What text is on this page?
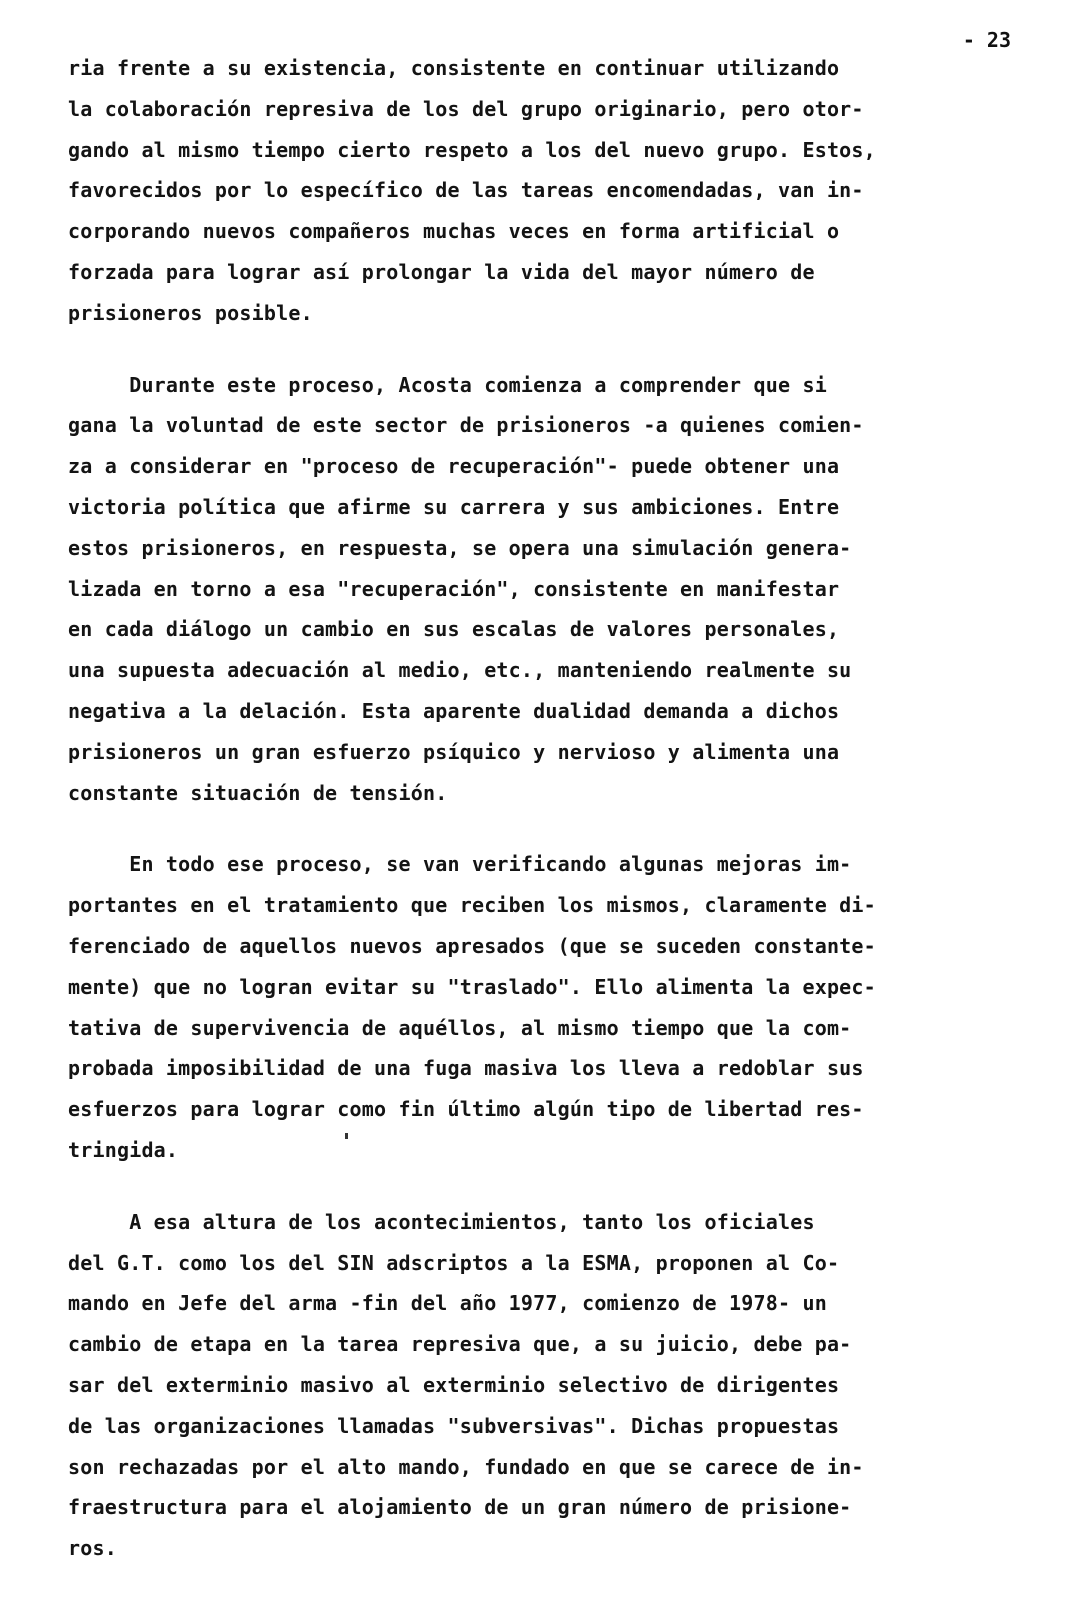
- 23
ria frente a su existencia, consistente en continuar utilizando
la colaboración represiva de los del grupo originario, pero otor-
gando al mismo tiempo cierto respeto a los del nuevo grupo. Estos,
favorecidos por lo específico de las tareas encomendadas, van in-
corporando nuevos compañeros muchas veces en forma artificial o
forzada para lograr así prolongar la vida del mayor número de
prisioneros posible.
Durante este proceso, Acosta comienza a comprender que si
gana la voluntad de este sector de prisioneros -a quienes comien-
za a considerar en "proceso de recuperación"- puede obtener una
victoria política que afirme su carrera y sus ambiciones. Entre
estos prisioneros, en respuesta, se opera una simulación genera-
lizada en torno a esa "recuperación", consistente en manifestar
en cada diálogo un cambio en sus escalas de valores personales,
una supuesta adecuación al medio, etc., manteniendo realmente su
negativa a la delación. Esta aparente dualidad demanda a dichos
prisioneros un gran esfuerzo psíquico y nervioso y alimenta una
constante situación de tensión.
En todo ese proceso, se van verificando algunas mejoras im-
portantes en el tratamiento que reciben los mismos, claramente di-
ferenciado de aquellos nuevos apresados (que se suceden constante-
mente) que no logran evitar su "traslado". Ello alimenta la expec-
tativa de supervivencia de aquéllos, al mismo tiempo que la com-
probada imposibilidad de una fuga masiva los lleva a redoblar sus
esfuerzos para lograr como fin último algún tipo de libertad res-
tringida.
A esa altura de los acontecimientos, tanto los oficiales
del G.T. como los del SIN adscriptos a la ESMA, proponen al Co-
mando en Jefe del arma -fin del año 1977, comienzo de 1978- un
cambio de etapa en la tarea represiva que, a su juicio, debe pa-
sar del exterminio masivo al exterminio selectivo de dirigentes
de las organizaciones llamadas "subversivas". Dichas propuestas
son rechazadas por el alto mando, fundado en que se carece de in-
fraestructura para el alojamiento de un gran número de prisione-
ros.
